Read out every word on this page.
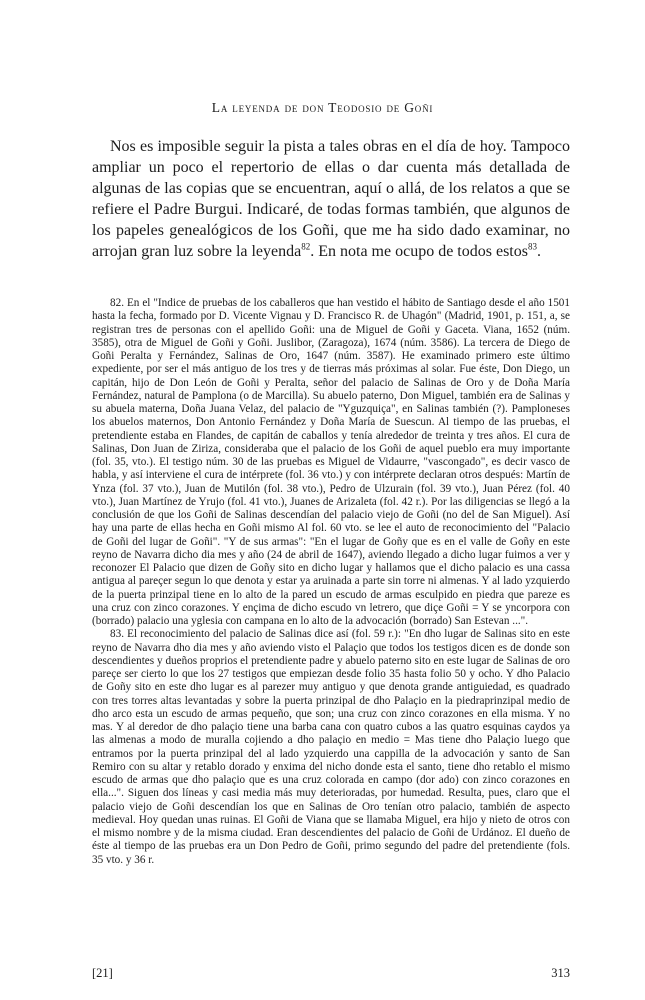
La leyenda de don Teodosio de Goñi

Nos es imposible seguir la pista a tales obras en el día de hoy. Tampoco ampliar un poco el repertorio de ellas o dar cuenta más detallada de algunas de las copias que se encuentran, aquí o allá, de los relatos a que se refiere el Padre Burgui. Indicaré, de todas formas también, que algunos de los papeles genealógicos de los Goñi, que me ha sido dado examinar, no arrojan gran luz sobre la leyenda$^{82}$. En nota me ocupo de todos estos$^{83}$.

82. En el "Indice de pruebas de los caballeros que han vestido el hábito de Santiago desde el año 1501 hasta la fecha, formado por D. Vicente Vignau y D. Francisco R. de Uhagón" (Madrid, 1901, p. 151, a, se registran tres de personas con el apellido Goñi: una de Miguel de Goñi y Gaceta. Viana, 1652 (núm. 3585), otra de Miguel de Goñi y Goñi. Juslibor, (Zaragoza), 1674 (núm. 3586). La tercera de Diego de Goñi Peralta y Fernández, Salinas de Oro, 1647 (núm. 3587). He examinado primero este último expediente, por ser el más antiguo de los tres y de tierras más próximas al solar. Fue éste, Don Diego, un capitán, hijo de Don León de Goñi y Peralta, señor del palacio de Salinas de Oro y de Doña María Fernández, natural de Pamplona (o de Marcilla). Su abuelo paterno, Don Miguel, también era de Salinas y su abuela materna, Doña Juana Velaz, del palacio de "Yguzquiça", en Salinas también (?). Pamploneses los abuelos maternos, Don Antonio Fernández y Doña María de Suescun. Al tiempo de las pruebas, el pretendiente estaba en Flandes, de capitán de caballos y tenía alrededor de treinta y tres años. El cura de Salinas, Don Juan de Ziriza, consideraba que el palacio de los Goñi de aquel pueblo era muy importante (fol. 35, vto.). El testigo núm. 30 de las pruebas es Miguel de Vidaurre, "vascongado", es decir vasco de habla, y así interviene el cura de intérprete (fol. 36 vto.) y con intérprete declaran otros después: Martín de Ynza (fol. 37 vto.), Juan de Mutilón (fol. 38 vto.), Pedro de Ulzurain (fol. 39 vto.), Juan Pérez (fol. 40 vto.), Juan Martínez de Yrujo (fol. 41 vto.), Juanes de Arizaleta (fol. 42 r.). Por las diligencias se llegó a la conclusión de que los Goñi de Salinas descendían del palacio viejo de Goñi (no del de San Miguel). Así hay una parte de ellas hecha en Goñi mismo Al fol. 60 vto. se lee el auto de reconocimiento del "Palacio de Goñi del lugar de Goñi". "Y de sus armas": "En el lugar de Goñy que es en el valle de Goñy en este reyno de Navarra dicho dia mes y año (24 de abril de 1647), aviendo llegado a dicho lugar fuimos a ver y reconozer El Palacio que dizen de Goñy sito en dicho lugar y hallamos que el dicho palacio es una cassa antigua al pareçer segun lo que denota y estar ya aruinada a parte sin torre ni almenas. Y al lado yzquierdo de la puerta prinzipal tiene en lo alto de la pared un escudo de armas esculpido en piedra que pareze es una cruz con zinco corazones. Y ençima de dicho escudo vn letrero, que diçe Goñi = Y se yncorpora con (borrado) palacio una yglesia con campana en lo alto de la advocación (borrado) San Estevan ...".

83. El reconocimiento del palacio de Salinas dice así (fol. 59 r.): "En dho lugar de Salinas sito en este reyno de Navarra dho dia mes y año aviendo visto el Palaçio que todos los testigos dicen es de donde son descendientes y dueños proprios el pretendiente padre y abuelo paterno sito en este lugar de Salinas de oro pareçe ser cierto lo que los 27 testigos que empiezan desde folio 35 hasta folio 50 y ocho. Y dho Palacio de Goñy sito en este dho lugar es al parezer muy antiguo y que denota grande antiguiedad, es quadrado con tres torres altas levantadas y sobre la puerta prinzipal de dho Palaçio en la piedraprinzipal medio de dho arco esta un escudo de armas pequeño, que son; una cruz con zinco corazones en ella misma. Y no mas. Y al deredor de dho palaçio tiene una barba cana con quatro cubos a las quatro esquinas caydos ya las almenas a modo de muralla cojiendo a dho palaçio en medio = Mas tiene dho Palaçio luego que entramos por la puerta prinzipal del al lado yzquierdo una cappilla de la advocación y santo de San Remiro con su altar y retablo dorado y enxima del nicho donde esta el santo, tiene dho retablo el mismo escudo de armas que dho palaçio que es una cruz colorada en campo (dor ado) con zinco corazones en ella...". Siguen dos líneas y casi media más muy deterioradas, por humedad. Resulta, pues, claro que el palacio viejo de Goñi descendían los que en Salinas de Oro tenían otro palacio, también de aspecto medieval. Hoy quedan unas ruinas. El Goñi de Viana que se llamaba Miguel, era hijo y nieto de otros con el mismo nombre y de la misma ciudad. Eran descendientes del palacio de Goñi de Urdánoz. El dueño de éste al tiempo de las pruebas era un Don Pedro de Goñi, primo segundo del padre del pretendiente (fols. 35 vto. y 36 r.

[21]	313
